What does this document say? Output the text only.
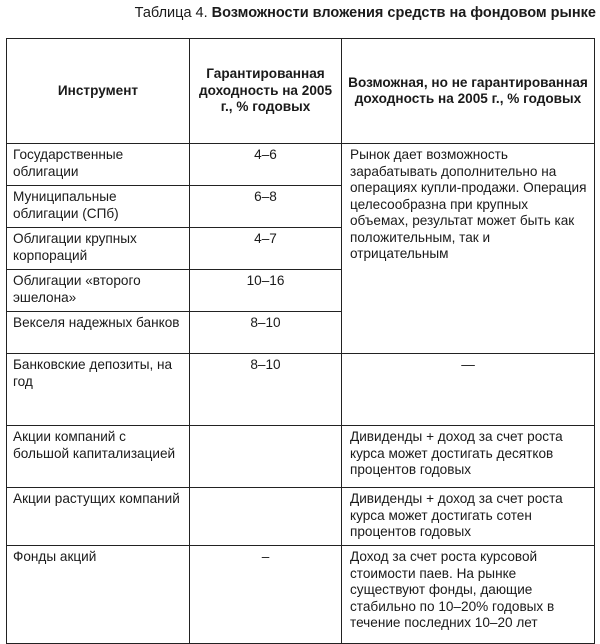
Таблица 4. Возможности вложения средств на фондовом рынке
Инструмент	Гарантированная доходность на 2005 г., % годовых	Возможная, но не гарантированная доходность на 2005 г., % годовых
Государственные облигации	4–6	Рынок дает возможность зарабатывать дополнительно на операциях купли-продажи. Операция целесообразна при крупных объемах, результат может быть как положительным, так и отрицательным
Муниципальные облигации (СПб)	6–8	
Облигации крупных корпораций	4–7	
Облигации «второго эшелона»	10–16	
Векселя надежных банков	8–10	
Банковские депозиты, на год	8–10	—
Акции компаний с большой капитализацией		Дивиденды + доход за счет роста курса может достигать десятков процентов годовых
Акции растущих компаний		Дивиденды + доход за счет роста курса может достигать сотен процентов годовых
Фонды акций	–	Доход за счет роста курсовой стоимости паев. На рынке существуют фонды, дающие стабильно по 10–20% годовых в течение последних 10–20 лет
